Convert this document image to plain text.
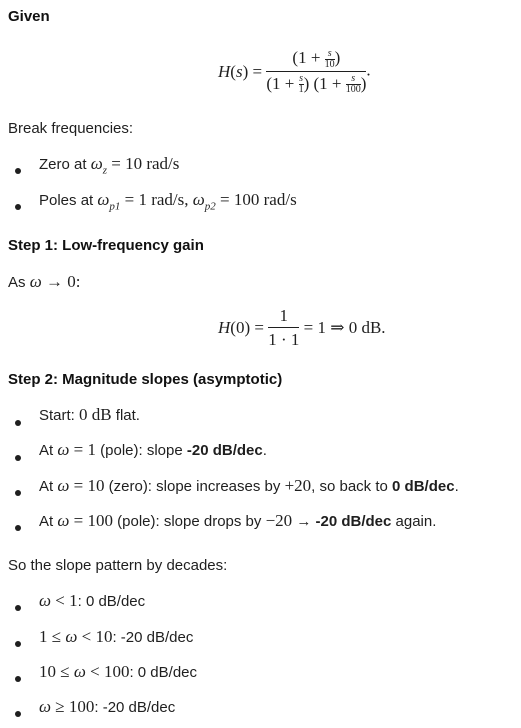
Given
$H(s) = \frac{(1 + \frac{s}{10} )}{(1 + \frac{s}{1} ) (1 + \frac{s}{100} )}$ .
Break frequencies:
Zero at $\omega_z = 10$ rad/s
Poles at $\omega_{p1} = 1$ rad/s, $\omega_{p2} = 100$ rad/s
Step 1: Low-frequency gain
As ω → 0:
$H(0) = \frac{1}{1 \cdot 1} = 1$ ⇒ 0 dB.
Step 2: Magnitude slopes (asymptotic)
Start: 0 dB flat.
At ω = 1 (pole): slope -20 dB/dec.
At ω = 10 (zero): slope increases by +20, so back to 0 dB/dec.
At ω = 100 (pole): slope drops by −20 → -20 dB/dec again.
So the slope pattern by decades:
ω < 1: 0 dB/dec
1 ≤ ω < 10: -20 dB/dec
10 ≤ ω < 100: 0 dB/dec
ω ≥ 100: -20 dB/dec
